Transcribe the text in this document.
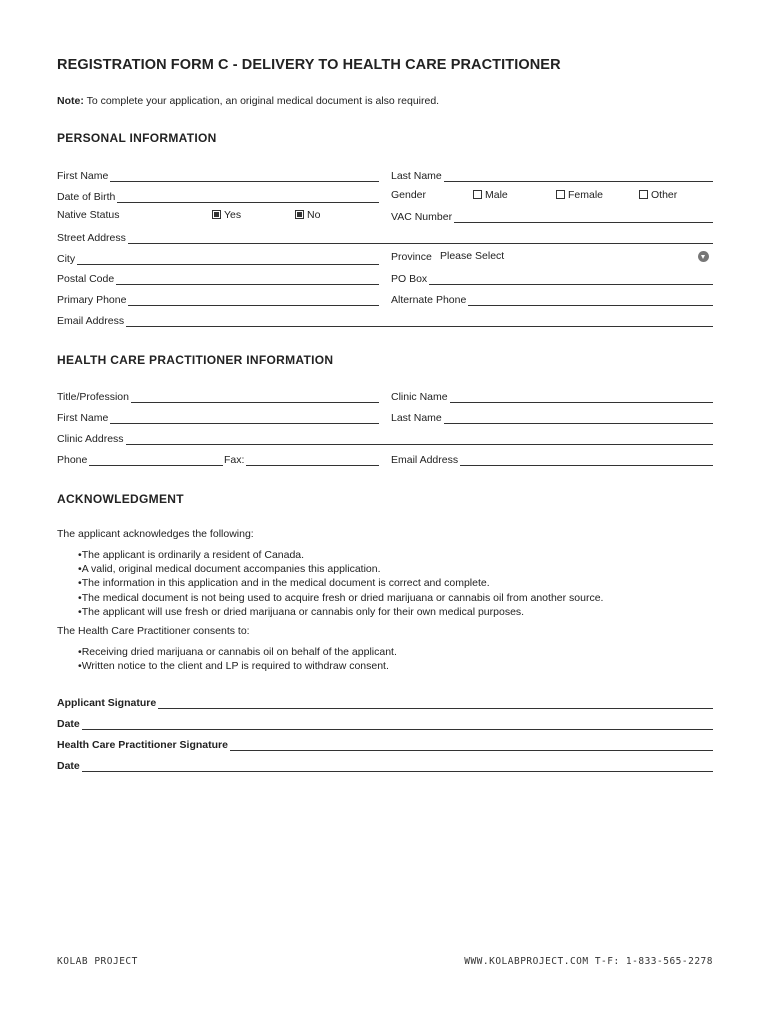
REGISTRATION FORM C - DELIVERY TO HEALTH CARE PRACTITIONER
Note: To complete your application, an original medical document is also required.
PERSONAL INFORMATION
First Name	Last Name
Date of Birth	Gender	Male	Female	Other
Native Status	Yes	No	VAC Number
Street Address
City	Province Please Select
Postal Code	PO Box
Primary Phone	Alternate Phone
Email Address
HEALTH CARE PRACTITIONER INFORMATION
Title/Profession	Clinic Name
First Name	Last Name
Clinic Address
Phone	Fax:	Email Address
ACKNOWLEDGMENT
The applicant acknowledges the following:
• The applicant is ordinarily a resident of Canada.
• A valid, original medical document accompanies this application.
• The information in this application and in the medical document is correct and complete.
• The medical document is not being used to acquire fresh or dried marijuana or cannabis oil from another source.
• The applicant will use fresh or dried marijuana or cannabis only for their own medical purposes.
The Health Care Practitioner consents to:
• Receiving dried marijuana or cannabis oil on behalf of the applicant.
• Written notice to the client and LP is required to withdraw consent.
Applicant Signature
Date
Health Care Practitioner Signature
Date
KOLAB PROJECT	WWW.KOLABPROJECT.COM T-F: 1-833-565-2278
